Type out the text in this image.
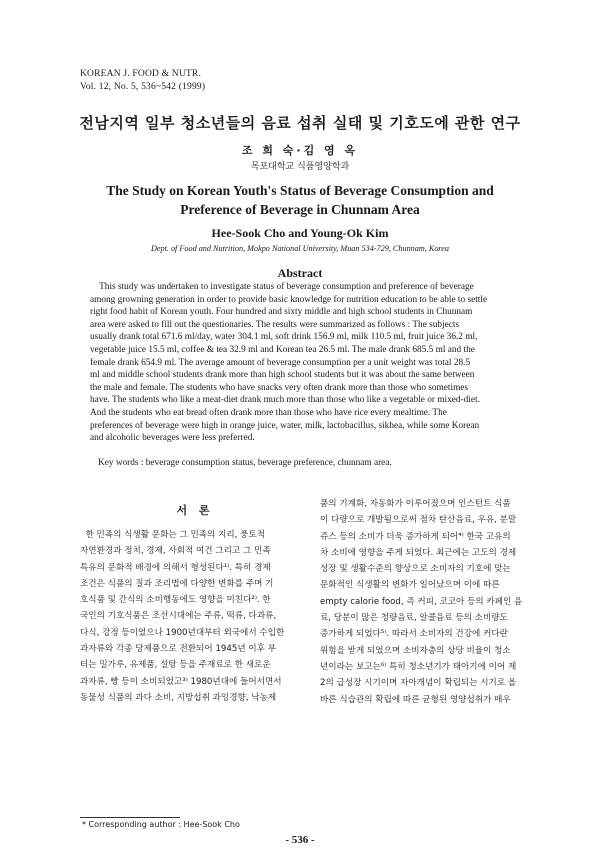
KOREAN J. FOOD & NUTR.
Vol. 12, No. 5, 536~542 (1999)
전남지역 일부 청소년들의 음료 섭취 실태 및 기호도에 관한 연구
조 희 숙·김 영 옥
목포대학교 식품영양학과
The Study on Korean Youth's Status of Beverage Consumption and
Preference of Beverage in Chunnam Area
Hee-Sook Cho and Young-Ok Kim
Dept. of Food and Nutrition, Mokpo National University, Muan 534-729, Chunnam, Korea
Abstract
This study was undertaken to investigate status of beverage consumption and preference of beverage
among growning generation in order to provide basic knowledge for nutrition education to be able to settle
right food habit of Korean youth. Four hundred and sixty middle and high school students in Chunnam
area were asked to fill out the questionaries. The results were summarized as follows : The subjects
usually drank total 671.6 ml/day, water 304.1 ml, soft drink 156.9 ml, milk 110.5 ml, fruit juice 36.2 ml,
vegetable juice 15.5 ml, coffee & tea 32.9 ml and Korean tea 26.5 ml. The male drank 685.5 ml and the
female drank 654.9 ml. The average amount of beverage consumption per a unit weight was total 28.5
ml and middle school students drank more than high school students but it was about the same between
the male and female. The students who have snacks very often drank more than those who sometimes
have. The students who like a meat-diet drank much more than those who like a vegetable or mixed-diet.
And the students who eat bread often drank more than those who have rice every mealtime. The
preferences of beverage were high in orange juice, water, milk, lactobacillus, sikhea, while some Korean
and alcoholic beverages were less preferred.
Key words : beverage consumption status, beverage preference, chunnam area.
서 론
한 민족의 식생활 문화는 그 민족의 지리, 풍토적
자연환경과 정치, 경제, 사회적 여건 그리고 그 민족
특유의 문화적 배경에 의해서 형성된다¹⁾. 특히 경제
조건은 식품의 질과 조리법에 다양한 변화를 주며 기
호식품 및 간식의 소비행동에도 영향을 미친다²⁾. 한
국인의 기호식품은 조선시대에는 주류, 떡류, 다과류,
다식, 강정 등이었으나 1900년대부터 외국에서 수입한
과자류와 각종 당제품으로 전환되어 1945년 이후 부
터는 밀가루, 유제품, 설탕 등을 주재료로 한 새로운
과자류, 빵 등이 소비되었고³⁾ 1980년대에 들어서면서
동물성 식품의 과다 소비, 지방섭취 과잉경향, 낙농제
품의 기계화, 자동화가 이루어졌으며 인스턴트 식품
이 다량으로 개발됨으로써 점차 탄산음료, 우유, 분말
쥬스 등의 소비가 더욱 증가하게 되어⁴⁾ 한국 고유의
차 소비에 영향을 주게 되었다. 최근에는 고도의 경제
성장 및 생활수준의 향상으로 소비자의 기호에 맞는
문화적인 식생활의 변화가 일어났으며 이에 따른
empty calorie food, 즉 커피, 코코아 등의 카페인 음
료, 당분이 많은 청량음료, 알콜음료 등의 소비량도
증가하게 되었다⁵⁾. 따라서 소비자의 건강에 커다란
위험을 받게 되었으며 소비자층의 상당 비율이 청소
년이라는 보고는⁶⁾ 특히 청소년기가 태아기에 이어 제
2의 급성장 시기이며 자아개념이 확립되는 시기로 올
바른 식습관의 확립에 따른 균형된 영양섭취가 매우
* Corresponding author : Hee-Sook Cho
- 536 -
